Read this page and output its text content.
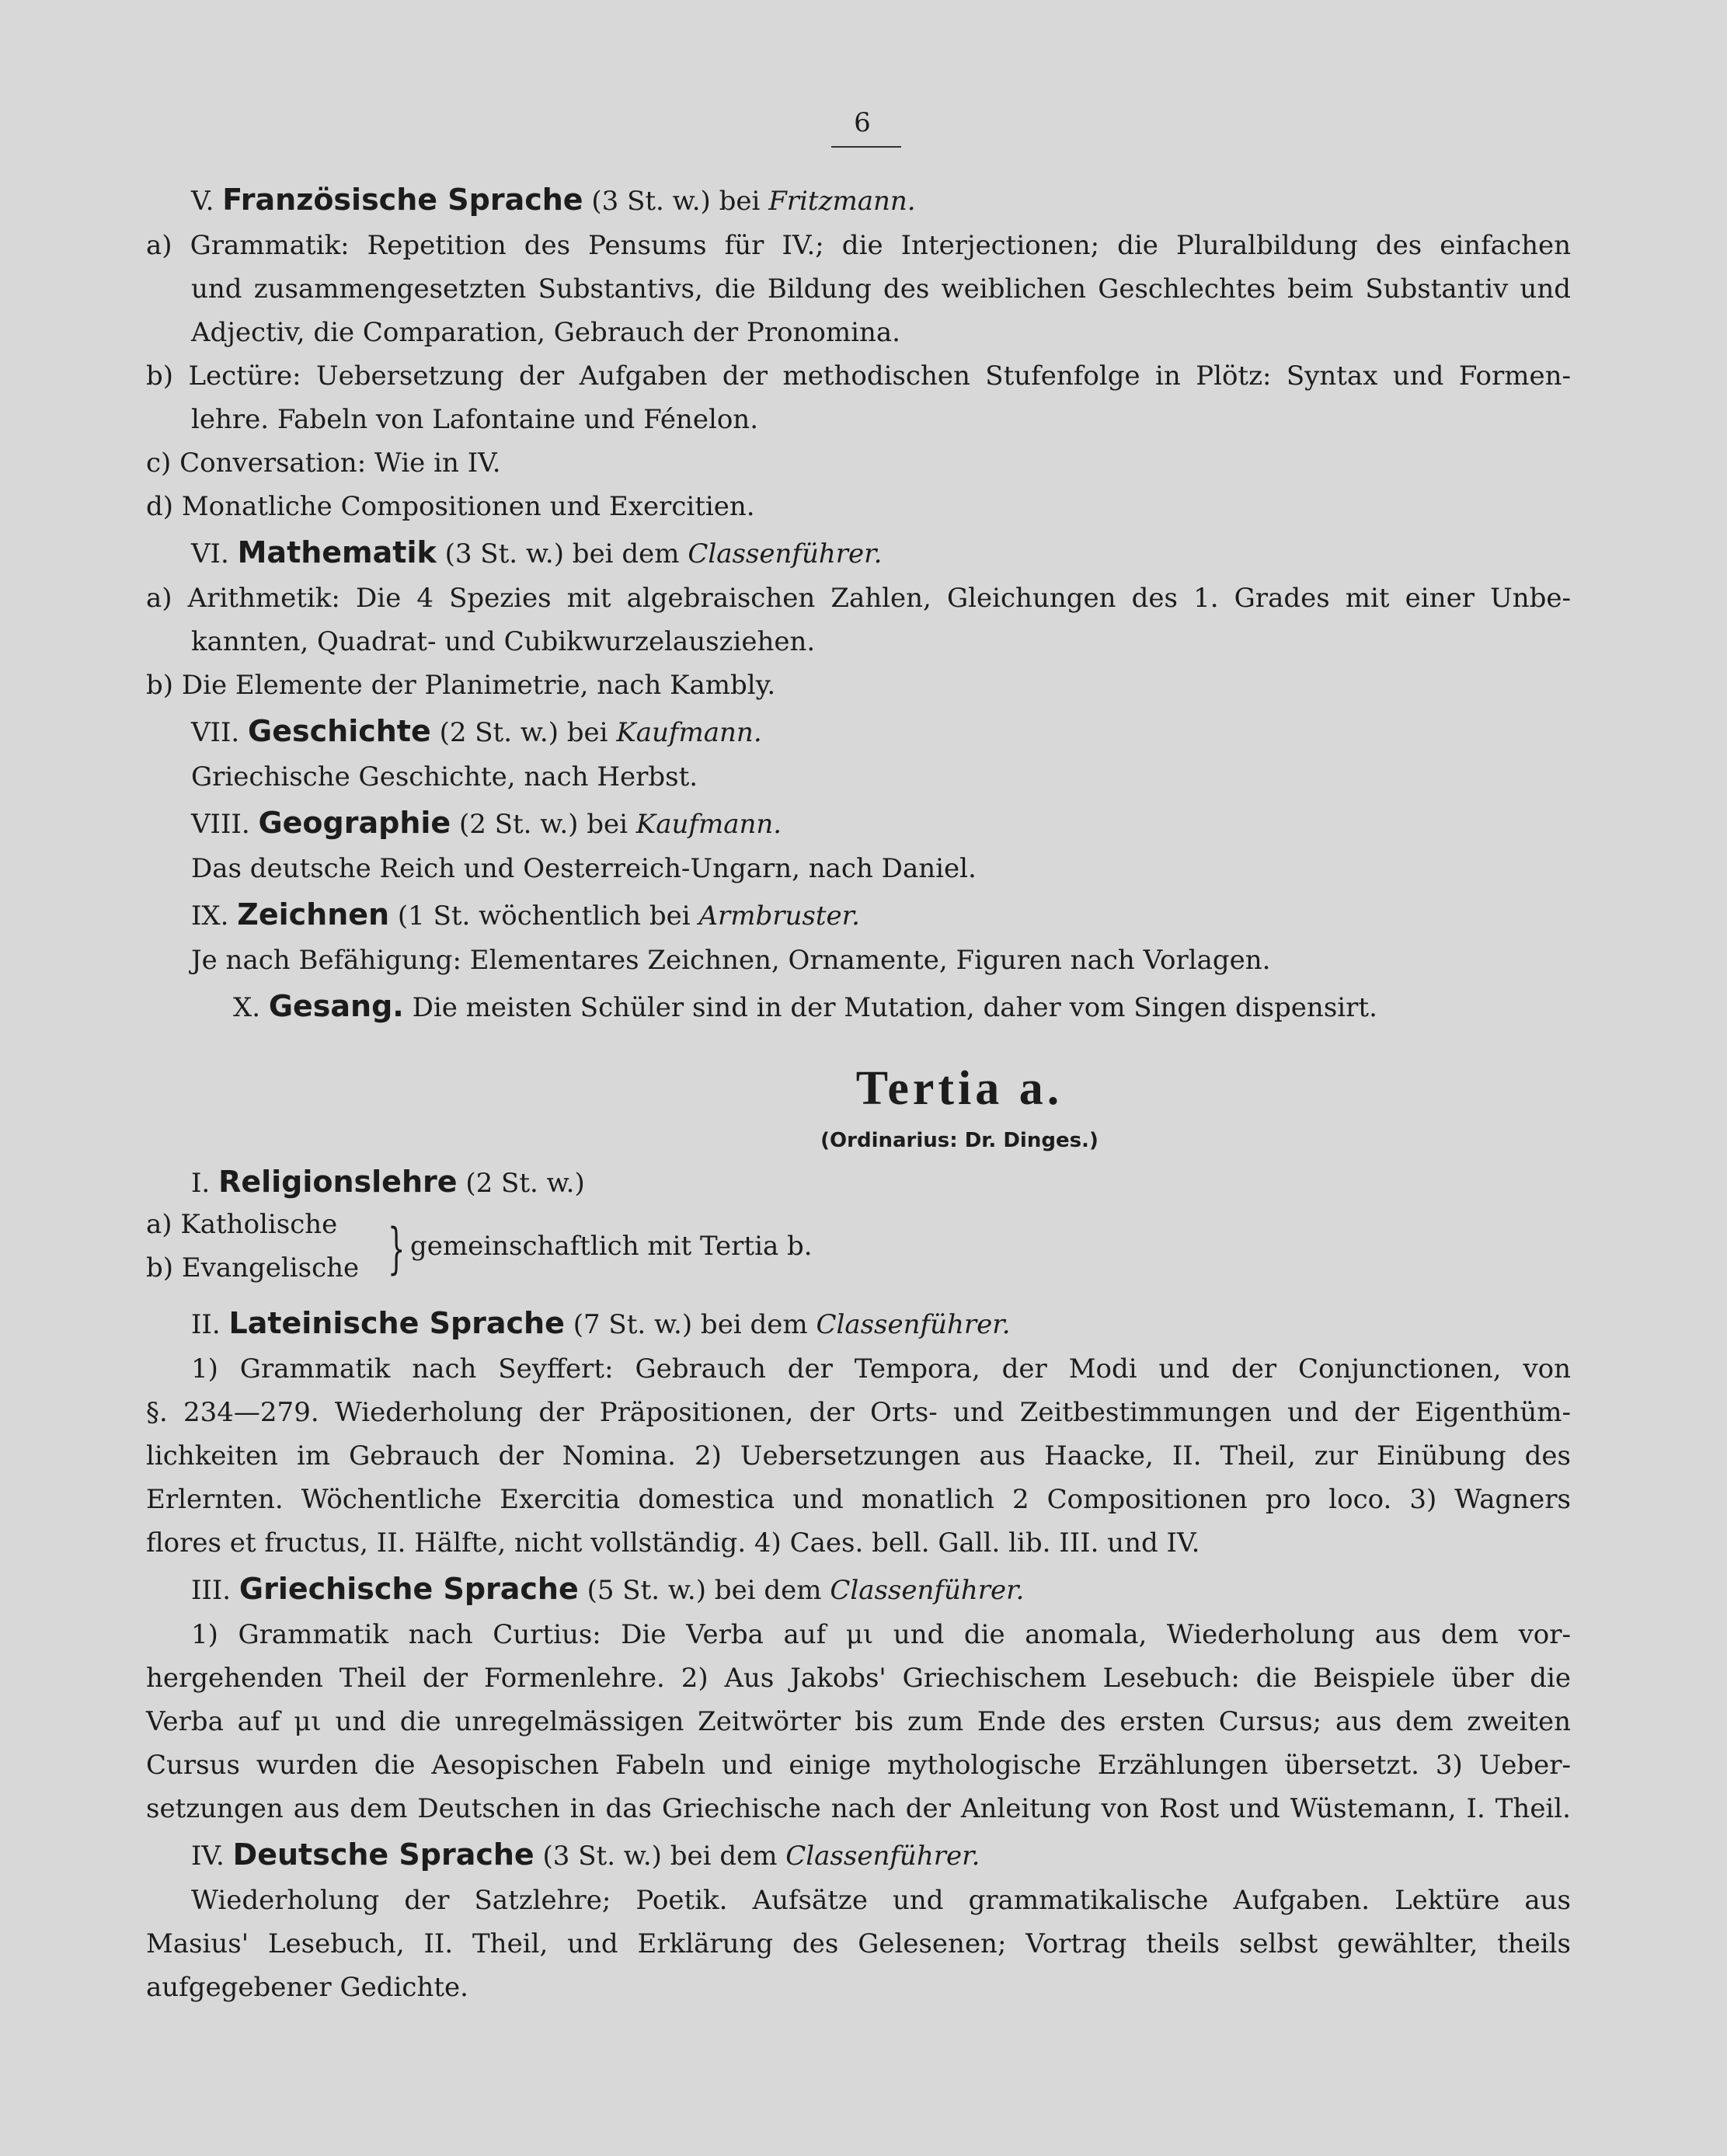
6
V. Französische Sprache (3 St. w.) bei Fritzmann.
a) Grammatik: Repetition des Pensums für IV.; die Interjectionen; die Pluralbildung des einfachen
und zusammengesetzten Substantivs, die Bildung des weiblichen Geschlechtes beim Substantiv und
Adjectiv, die Comparation, Gebrauch der Pronomina.
b) Lectüre: Uebersetzung der Aufgaben der methodischen Stufenfolge in Plötz: Syntax und Formen-
lehre. Fabeln von Lafontaine und Fénelon.
c) Conversation: Wie in IV.
d) Monatliche Compositionen und Exercitien.
VI. Mathematik (3 St. w.) bei dem Classenführer.
a) Arithmetik: Die 4 Spezies mit algebraischen Zahlen, Gleichungen des 1. Grades mit einer Unbe-
kannten, Quadrat- und Cubikwurzelausziehen.
b) Die Elemente der Planimetrie, nach Kambly.
VII. Geschichte (2 St. w.) bei Kaufmann.
Griechische Geschichte, nach Herbst.
VIII. Geographie (2 St. w.) bei Kaufmann.
Das deutsche Reich und Oesterreich-Ungarn, nach Daniel.
IX. Zeichnen (1 St. wöchentlich bei Armbruster.
Je nach Befähigung: Elementares Zeichnen, Ornamente, Figuren nach Vorlagen.
X. Gesang. Die meisten Schüler sind in der Mutation, daher vom Singen dispensirt.
Tertia a.
(Ordinarius: Dr. Dinges.)
I. Religionslehre (2 St. w.)
a) Katholische
b) Evangelische } gemeinschaftlich mit Tertia b.
II. Lateinische Sprache (7 St. w.) bei dem Classenführer.
1) Grammatik nach Seyffert: Gebrauch der Tempora, der Modi und der Conjunctionen, von
§. 234—279. Wiederholung der Präpositionen, der Orts- und Zeitbestimmungen und der Eigenthüm-
lichkeiten im Gebrauch der Nomina. 2) Uebersetzungen aus Haacke, II. Theil, zur Einübung des
Erlernten. Wöchentliche Exercitia domestica und monatlich 2 Compositionen pro loco. 3) Wagners
flores et fructus, II. Hälfte, nicht vollständig. 4) Caes. bell. Gall. lib. III. und IV.
III. Griechische Sprache (5 St. w.) bei dem Classenführer.
1) Grammatik nach Curtius: Die Verba auf μι und die anomala, Wiederholung aus dem vor-
hergehenden Theil der Formenlehre. 2) Aus Jakobs' Griechischem Lesebuch: die Beispiele über die
Verba auf μι und die unregelmässigen Zeitwörter bis zum Ende des ersten Cursus; aus dem zweiten
Cursus wurden die Aesopischen Fabeln und einige mythologische Erzählungen übersetzt. 3) Ueber-
setzungen aus dem Deutschen in das Griechische nach der Anleitung von Rost und Wüstemann, I. Theil.
IV. Deutsche Sprache (3 St. w.) bei dem Classenführer.
Wiederholung der Satzlehre; Poetik. Aufsätze und grammatikalische Aufgaben. Lektüre aus
Masius' Lesebuch, II. Theil, und Erklärung des Gelesenen; Vortrag theils selbst gewählter, theils
aufgegebener Gedichte.
